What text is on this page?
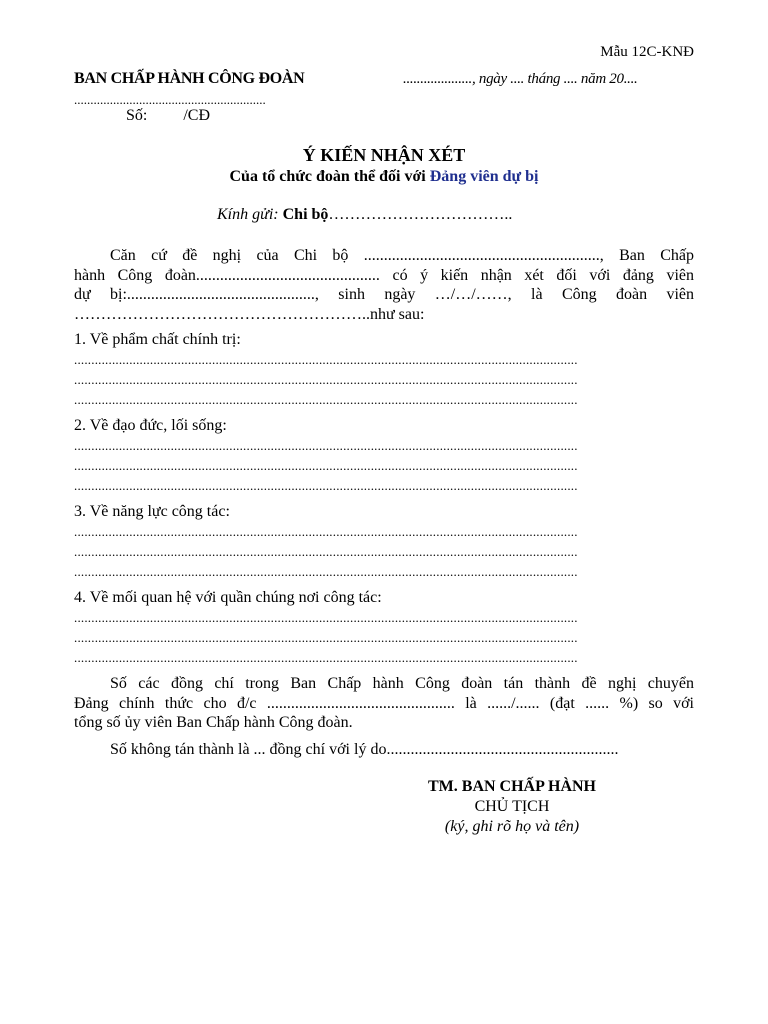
Mẫu 12C-KNĐ
BAN CHẤP HÀNH CÔNG ĐOÀN	...................., ngày .... tháng .... năm 20....
...........................................................
Số: /CĐ
Ý KIẾN NHẬN XÉT
Của tổ chức đoàn thể đối với Đảng viên dự bị
Kính gửi: Chi bộ……………………………..
Căn cứ đề nghị của Chi bộ ..........................................................., Ban Chấp
hành Công đoàn.............................................. có ý kiến nhận xét đối với đảng viên
dự bị:..............................................., sinh ngày …/…/……, là Công đoàn viên
………………………………………………..như sau:
1. Về phẩm chất chính trị:
..................................................................................................................................................
..................................................................................................................................................
..................................................................................................................................................
2. Về đạo đức, lối sống:
..................................................................................................................................................
..................................................................................................................................................
..................................................................................................................................................
3. Về năng lực công tác:
..................................................................................................................................................
..................................................................................................................................................
..................................................................................................................................................
4. Về mối quan hệ với quần chúng nơi công tác:
..................................................................................................................................................
..................................................................................................................................................
..................................................................................................................................................
Số các đồng chí trong Ban Chấp hành Công đoàn tán thành đề nghị chuyển
Đảng chính thức cho đ/c ............................................... là ....../...... (đạt ...... %) so với
tổng số ủy viên Ban Chấp hành Công đoàn.
Số không tán thành là ... đồng chí với lý do..........................................................
TM. BAN CHẤP HÀNH
CHỦ TỊCH
(ký, ghi rõ họ và tên)
